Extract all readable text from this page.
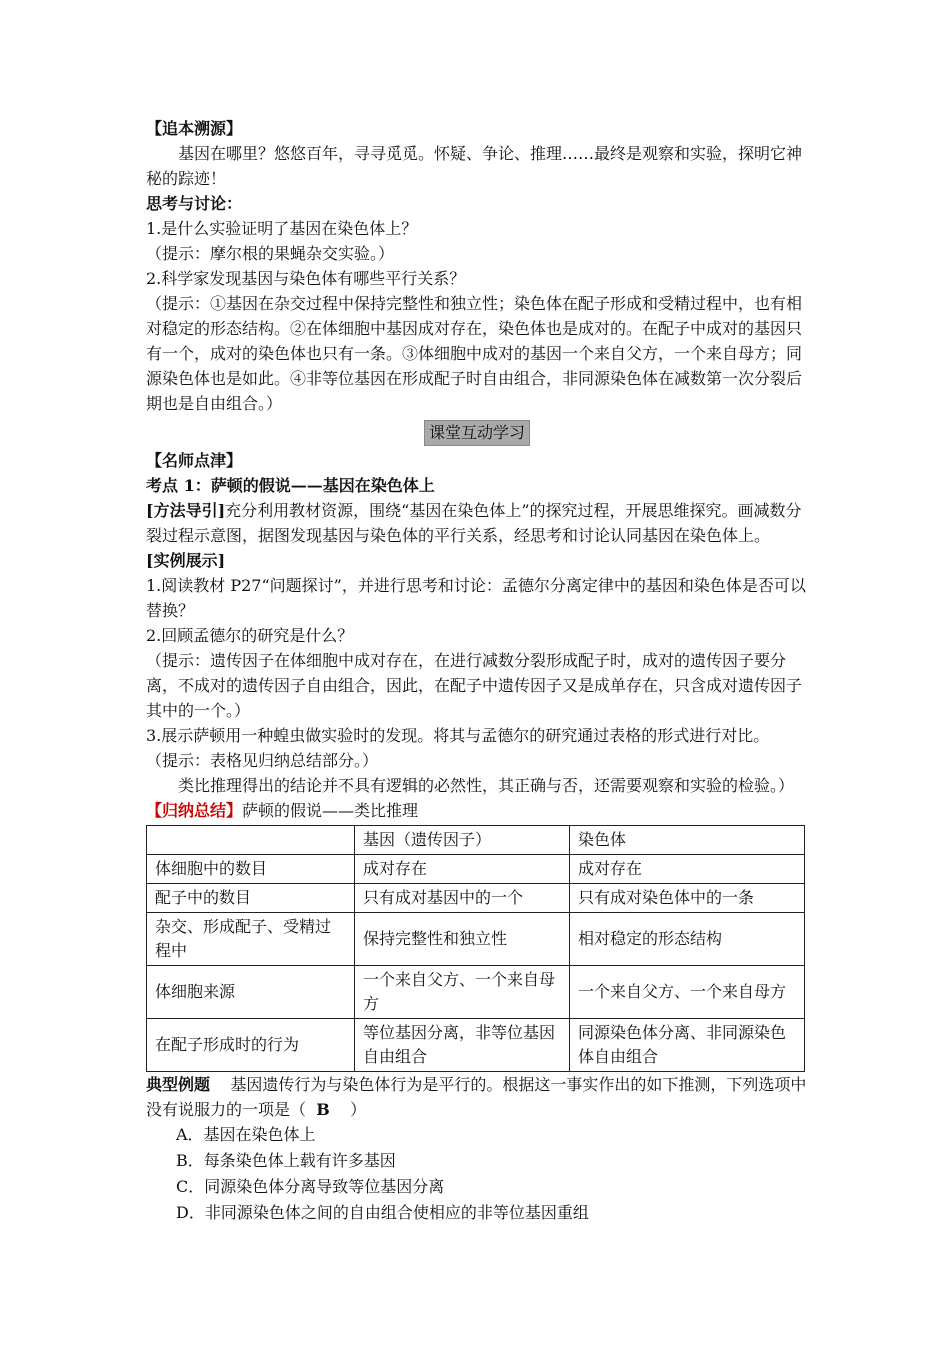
【追本溯源】

基因在哪里？悠悠百年，寻寻觅觅。怀疑、争论、推理……最终是观察和实验，探明它神秘的踪迹！

思考与讨论：

1.是什么实验证明了基因在染色体上？

（提示：摩尔根的果蝇杂交实验。）

2.科学家发现基因与染色体有哪些平行关系？

（提示：①基因在杂交过程中保持完整性和独立性；染色体在配子形成和受精过程中，也有相对稳定的形态结构。②在体细胞中基因成对存在，染色体也是成对的。在配子中成对的基因只有一个，成对的染色体也只有一条。③体细胞中成对的基因一个来自父方，一个来自母方；同源染色体也是如此。④非等位基因在形成配子时自由组合，非同源染色体在减数第一次分裂后期也是自由组合。）

课堂互动学习

【名师点津】

考点 1：萨顿的假说——基因在染色体上

[方法导引]充分利用教材资源，围绕“基因在染色体上”的探究过程，开展思维探究。画减数分裂过程示意图，据图发现基因与染色体的平行关系，经思考和讨论认同基因在染色体上。

[实例展示]

1.阅读教材 P27“问题探讨”，并进行思考和讨论：孟德尔分离定律中的基因和染色体是否可以替换？

2.回顾孟德尔的研究是什么？

（提示：遗传因子在体细胞中成对存在，在进行减数分裂形成配子时，成对的遗传因子要分离，不成对的遗传因子自由组合，因此，在配子中遗传因子又是成单存在，只含成对遗传因子其中的一个。）

3.展示萨顿用一种蝗虫做实验时的发现。将其与孟德尔的研究通过表格的形式进行对比。

（提示：表格见归纳总结部分。）

类比推理得出的结论并不具有逻辑的必然性，其正确与否，还需要观察和实验的检验。）

【归纳总结】萨顿的假说——类比推理

	基因（遗传因子）	染色体
体细胞中的数目	成对存在	成对存在
配子中的数目	只有成对基因中的一个	只有成对染色体中的一条
杂交、形成配子、受精过程中	保持完整性和独立性	相对稳定的形态结构
体细胞来源	一个来自父方、一个来自母方	一个来自父方、一个来自母方
在配子形成时的行为	等位基因分离，非等位基因自由组合	同源染色体分离、非同源染色体自由组合

典型例题 基因遗传行为与染色体行为是平行的。根据这一事实作出的如下推测，下列选项中没有说服力的一项是（ B ）

A．基因在染色体上

B．每条染色体上载有许多基因

C．同源染色体分离导致等位基因分离

D．非同源染色体之间的自由组合使相应的非等位基因重组
